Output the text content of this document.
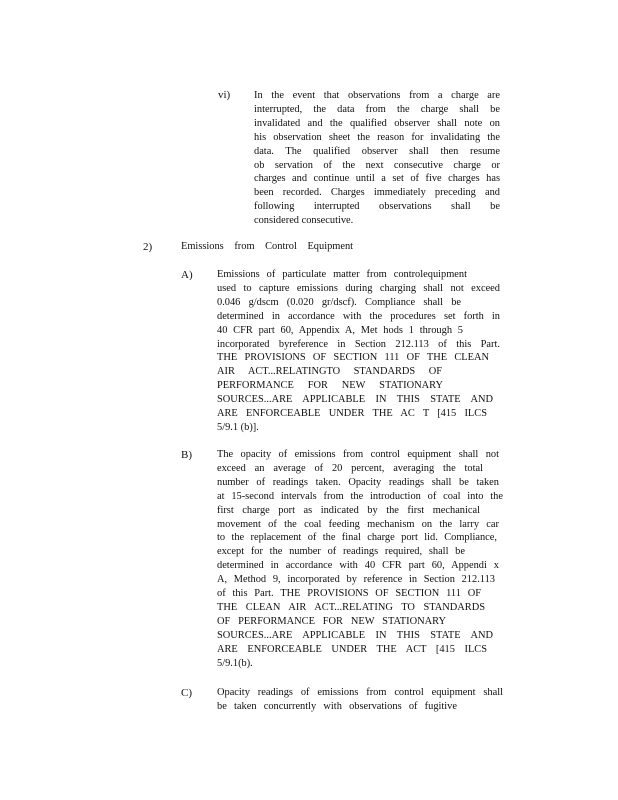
vi) In the event that observations from a charge are
interrupted, the data from the charge shall be
invalidated and the qualified observer shall note on
his observation sheet the reason for invalidating the
data. The qualified observer shall then resume
ob servation of the next consecutive charge or
charges and continue until a set of five charges has
been recorded. Charges immediately preceding and
following interrupted observations shall be
considered consecutive.
2)	Emissions from Control Equipment
A) Emissions of particulate matter from controlequipment
used to capture emissions during charging shall not exceed
0.046 g/dscm (0.020 gr/dscf). Compliance shall be
determined in accordance with the procedures set forth in
40 CFR part 60, Appendix A, Met hods 1 through 5
incorporated byreference in Section 212.113 of this Part.
THE PROVISIONS OF SECTION 111 OF THE CLEAN
AIR ACT...RELATINGTO STANDARDS OF
PERFORMANCE FOR NEW STATIONARY
SOURCES...ARE APPLICABLE IN THIS STATE AND
ARE ENFORCEABLE UNDER THE AC T [415 ILCS
5/9.1 (b)].
B) The opacity of emissions from control equipment shall not
exceed an average of 20 percent, averaging the total
number of readings taken. Opacity readings shall be taken
at 15-second intervals from the introduction of coal into the
first charge port as indicated by the first mechanical
movement of the coal feeding mechanism on the larry car
to the replacement of the final charge port lid. Compliance,
except for the number of readings required, shall be
determined in accordance with 40 CFR part 60, Appendi x
A, Method 9, incorporated by reference in Section 212.113
of this Part. THE PROVISIONS OF SECTION 111 OF
THE CLEAN AIR ACT...RELATING TO STANDARDS
OF PERFORMANCE FOR NEW STATIONARY
SOURCES...ARE APPLICABLE IN THIS STATE AND
ARE ENFORCEABLE UNDER THE ACT [415 ILCS
5/9.1(b).
C) Opacity readings of emissions from control equipment shall
be taken concurrently with observations of fugitive
